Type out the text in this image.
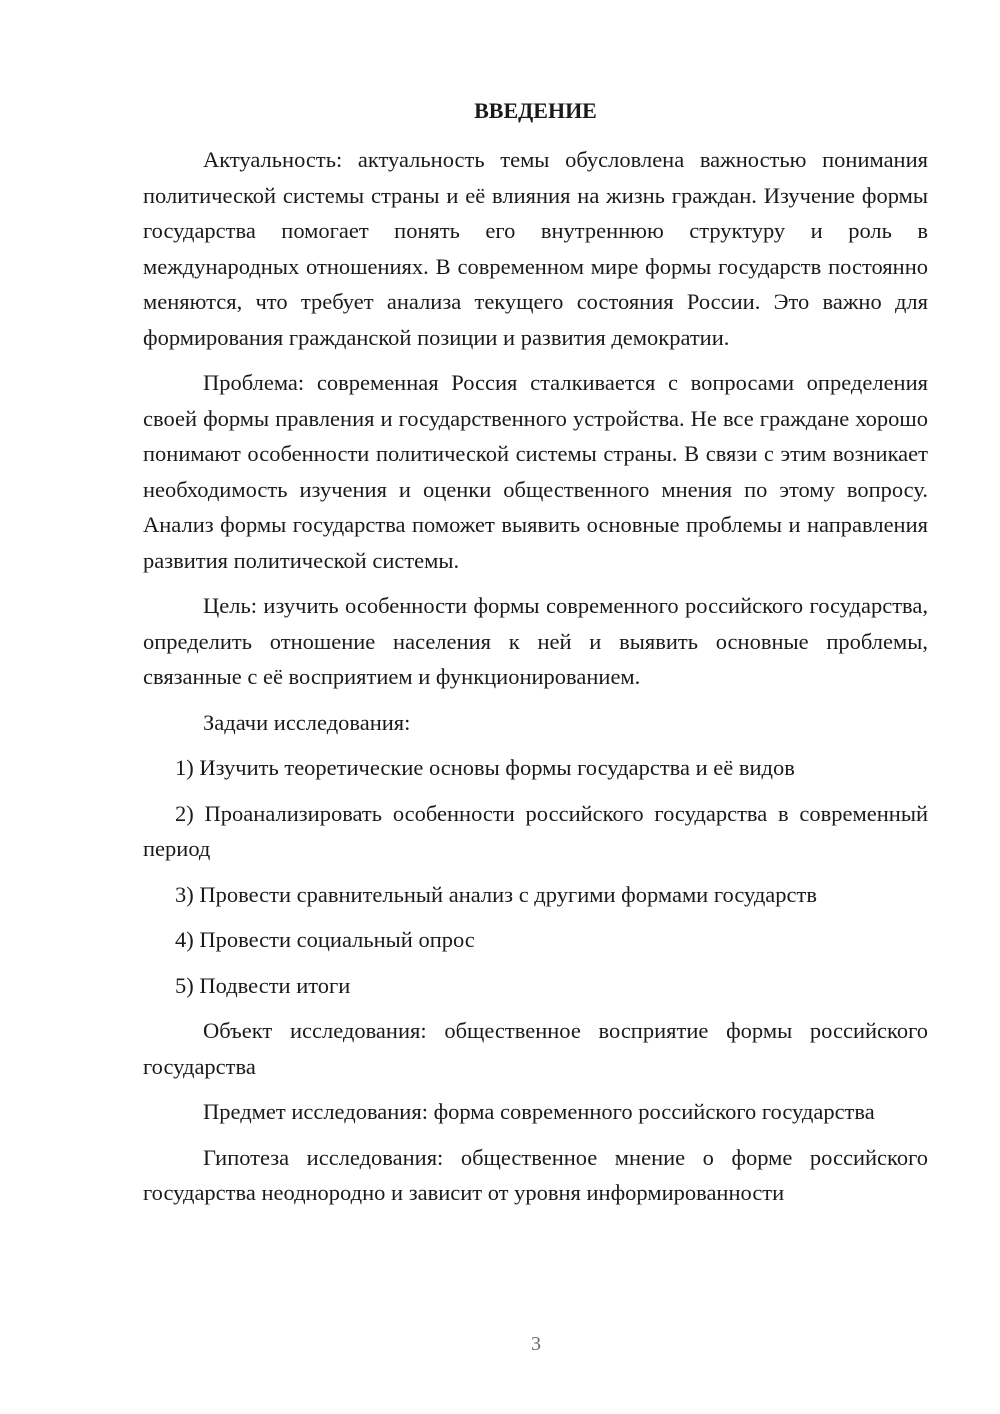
ВВЕДЕНИЕ

Актуальность: актуальность темы обусловлена важностью понимания политической системы страны и её влияния на жизнь граждан. Изучение формы государства помогает понять его внутреннюю структуру и роль в международных отношениях. В современном мире формы государств постоянно меняются, что требует анализа текущего состояния России. Это важно для формирования гражданской позиции и развития демократии.

Проблема: современная Россия сталкивается с вопросами определения своей формы правления и государственного устройства. Не все граждане хорошо понимают особенности политической системы страны. В связи с этим возникает необходимость изучения и оценки общественного мнения по этому вопросу. Анализ формы государства поможет выявить основные проблемы и направления развития политической системы.

Цель: изучить особенности формы современного российского государства, определить отношение населения к ней и выявить основные проблемы, связанные с её восприятием и функционированием.

Задачи исследования:

1) Изучить теоретические основы формы государства и её видов

2) Проанализировать особенности российского государства в современный период

3) Провести сравнительный анализ с другими формами государств

4) Провести социальный опрос

5) Подвести итоги

Объект исследования: общественное восприятие формы российского государства

Предмет исследования: форма современного российского государства

Гипотеза исследования: общественное мнение о форме российского государства неоднородно и зависит от уровня информированности

3
